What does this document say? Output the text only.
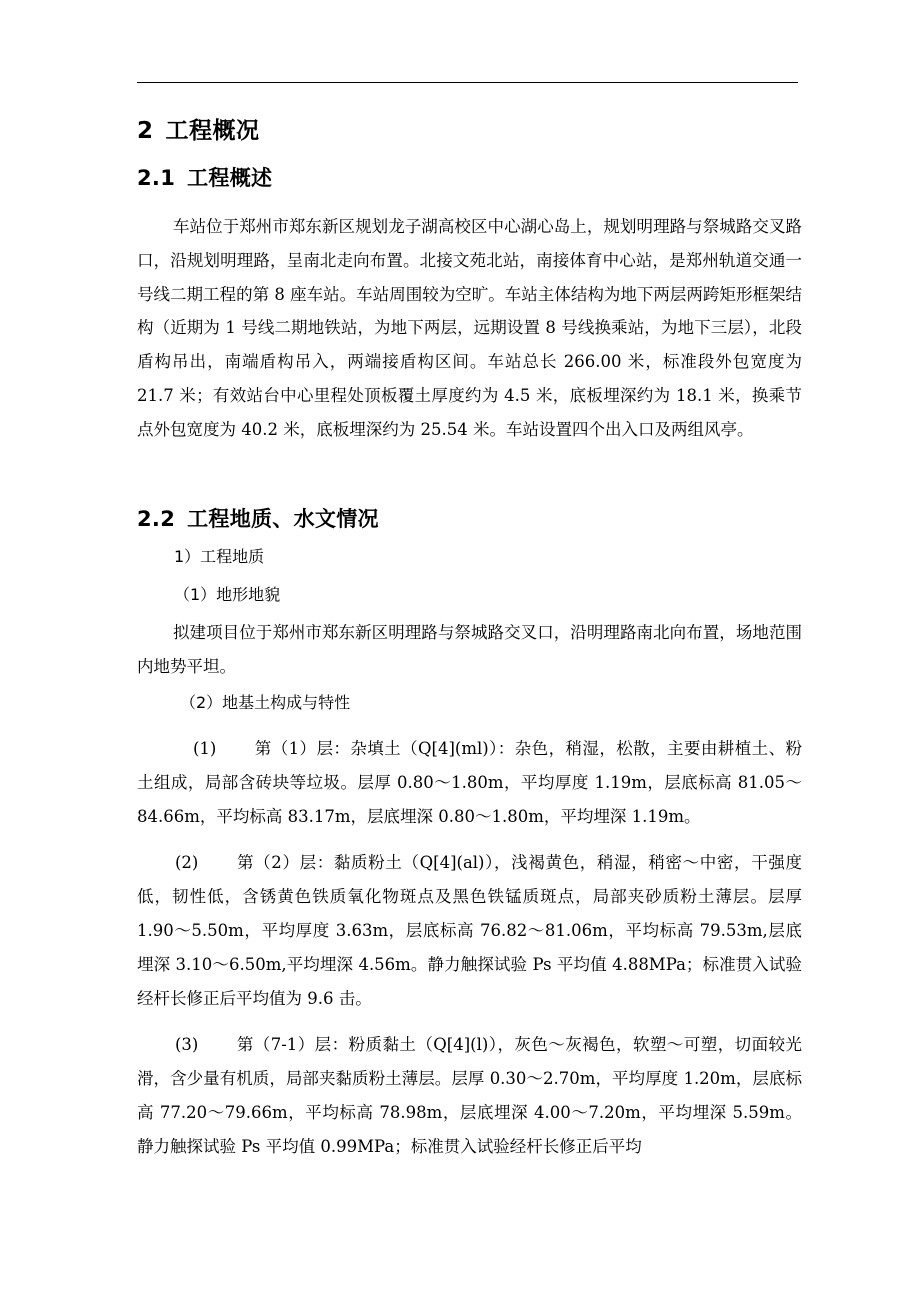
2 工程概况
2.1 工程概述

车站位于郑州市郑东新区规划龙子湖高校区中心湖心岛上，规划明理路与祭城路交叉路口，沿规划明理路，呈南北走向布置。北接文苑北站，南接体育中心站，是郑州轨道交通一号线二期工程的第 8 座车站。车站周围较为空旷。车站主体结构为地下两层两跨矩形框架结构（近期为 1 号线二期地铁站，为地下两层，远期设置 8 号线换乘站，为地下三层），北段盾构吊出，南端盾构吊入，两端接盾构区间。车站总长 266.00 米，标准段外包宽度为 21.7 米；有效站台中心里程处顶板覆土厚度约为 4.5 米，底板埋深约为 18.1 米，换乘节点外包宽度为 40.2 米，底板埋深约为 25.54 米。车站设置四个出入口及两组风亭。

2.2 工程地质、水文情况
1）工程地质
（1）地形地貌

拟建项目位于郑州市郑东新区明理路与祭城路交叉口，沿明理路南北向布置，场地范围内地势平坦。

（2）地基土构成与特性

(1) 第（1）层：杂填土（Q[4](ml)）：杂色，稍湿，松散，主要由耕植土、粉土组成，局部含砖块等垃圾。层厚 0.80～1.80m，平均厚度 1.19m，层底标高 81.05～84.66m，平均标高 83.17m，层底埋深 0.80～1.80m，平均埋深 1.19m。

(2) 第（2）层：黏质粉土（Q[4](al)），浅褐黄色，稍湿，稍密～中密，干强度低，韧性低，含锈黄色铁质氧化物斑点及黑色铁锰质斑点，局部夹砂质粉土薄层。层厚 1.90～5.50m，平均厚度 3.63m，层底标高 76.82～81.06m，平均标高 79.53m,层底埋深 3.10～6.50m,平均埋深 4.56m。静力触探试验 Ps 平均值 4.88MPa；标准贯入试验经杆长修正后平均值为 9.6 击。

(3) 第（7-1）层：粉质黏土（Q[4](l)），灰色～灰褐色，软塑～可塑，切面较光滑，含少量有机质，局部夹黏质粉土薄层。层厚 0.30～2.70m，平均厚度 1.20m，层底标高 77.20～79.66m，平均标高 78.98m，层底埋深 4.00～7.20m，平均埋深 5.59m。静力触探试验 Ps 平均值 0.99MPa；标准贯入试验经杆长修正后平均
